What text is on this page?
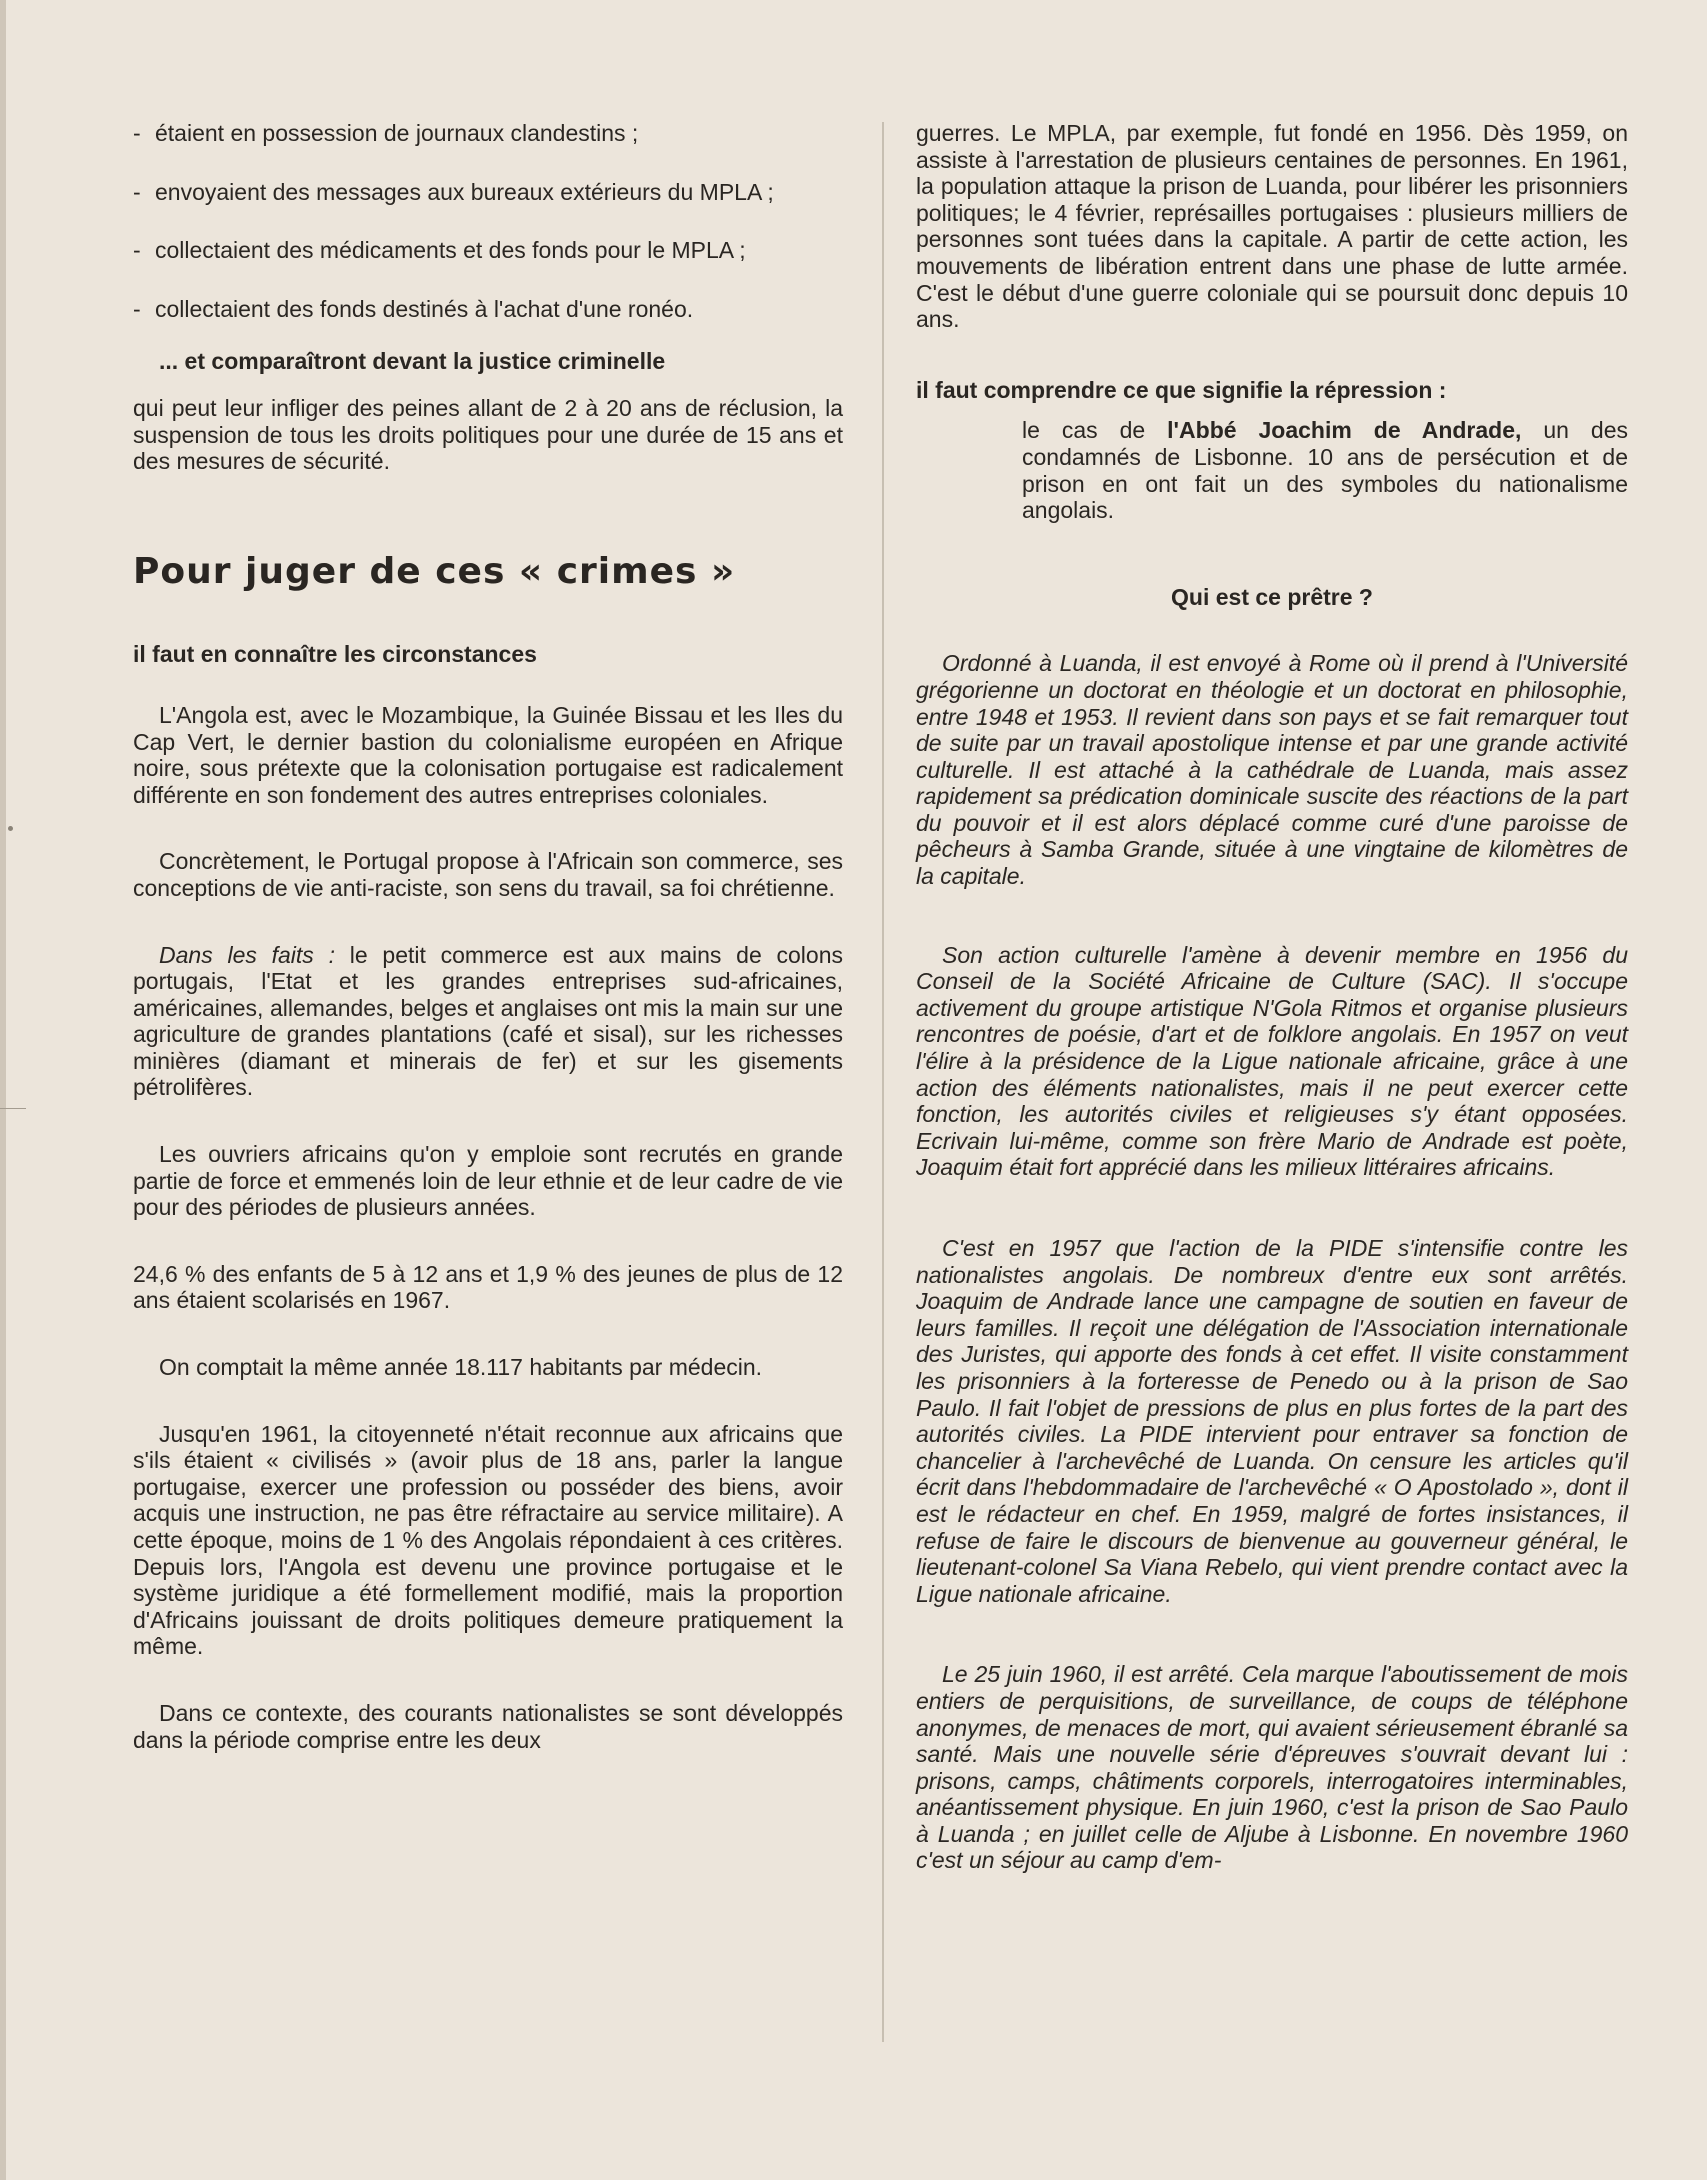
- étaient en possession de journaux clandestins ;
- envoyaient des messages aux bureaux extérieurs du MPLA ;
- collectaient des médicaments et des fonds pour le MPLA ;
- collectaient des fonds destinés à l'achat d'une ronéo.

... et comparaîtront devant la justice criminelle

qui peut leur infliger des peines allant de 2 à 20 ans de réclusion, la suspension de tous les droits politiques pour une durée de 15 ans et des mesures de sécurité.

Pour juger de ces « crimes »

il faut en connaître les circonstances

L'Angola est, avec le Mozambique, la Guinée Bissau et les Iles du Cap Vert, le dernier bastion du colonialisme européen en Afrique noire, sous prétexte que la colonisation portugaise est radicalement différente en son fondement des autres entreprises coloniales.

Concrètement, le Portugal propose à l'Africain son commerce, ses conceptions de vie anti-raciste, son sens du travail, sa foi chrétienne.

Dans les faits : le petit commerce est aux mains de colons portugais, l'Etat et les grandes entreprises sud-africaines, américaines, allemandes, belges et anglaises ont mis la main sur une agriculture de grandes plantations (café et sisal), sur les richesses minières (diamant et minerais de fer) et sur les gisements pétrolifères.

Les ouvriers africains qu'on y emploie sont recrutés en grande partie de force et emmenés loin de leur ethnie et de leur cadre de vie pour des périodes de plusieurs années.

24,6 % des enfants de 5 à 12 ans et 1,9 % des jeunes de plus de 12 ans étaient scolarisés en 1967.

On comptait la même année 18.117 habitants par médecin.

Jusqu'en 1961, la citoyenneté n'était reconnue aux africains que s'ils étaient « civilisés » (avoir plus de 18 ans, parler la langue portugaise, exercer une profession ou posséder des biens, avoir acquis une instruction, ne pas être réfractaire au service militaire). A cette époque, moins de 1 % des Angolais répondaient à ces critères. Depuis lors, l'Angola est devenu une province portugaise et le système juridique a été formellement modifié, mais la proportion d'Africains jouissant de droits politiques demeure pratiquement la même.

Dans ce contexte, des courants nationalistes se sont développés dans la période comprise entre les deux

guerres. Le MPLA, par exemple, fut fondé en 1956. Dès 1959, on assiste à l'arrestation de plusieurs centaines de personnes. En 1961, la population attaque la prison de Luanda, pour libérer les prisonniers politiques; le 4 février, représailles portugaises : plusieurs milliers de personnes sont tuées dans la capitale. A partir de cette action, les mouvements de libération entrent dans une phase de lutte armée. C'est le début d'une guerre coloniale qui se poursuit donc depuis 10 ans.

il faut comprendre ce que signifie la répression :

le cas de l'Abbé Joachim de Andrade, un des condamnés de Lisbonne. 10 ans de persécution et de prison en ont fait un des symboles du nationalisme angolais.

Qui est ce prêtre ?

Ordonné à Luanda, il est envoyé à Rome où il prend à l'Université grégorienne un doctorat en théologie et un doctorat en philosophie, entre 1948 et 1953. Il revient dans son pays et se fait remarquer tout de suite par un travail apostolique intense et par une grande activité culturelle. Il est attaché à la cathédrale de Luanda, mais assez rapidement sa prédication dominicale suscite des réactions de la part du pouvoir et il est alors déplacé comme curé d'une paroisse de pêcheurs à Samba Grande, située à une vingtaine de kilomètres de la capitale.

Son action culturelle l'amène à devenir membre en 1956 du Conseil de la Société Africaine de Culture (SAC). Il s'occupe activement du groupe artistique N'Gola Ritmos et organise plusieurs rencontres de poésie, d'art et de folklore angolais. En 1957 on veut l'élire à la présidence de la Ligue nationale africaine, grâce à une action des éléments nationalistes, mais il ne peut exercer cette fonction, les autorités civiles et religieuses s'y étant opposées. Ecrivain lui-même, comme son frère Mario de Andrade est poète, Joaquim était fort apprécié dans les milieux littéraires africains.

C'est en 1957 que l'action de la PIDE s'intensifie contre les nationalistes angolais. De nombreux d'entre eux sont arrêtés. Joaquim de Andrade lance une campagne de soutien en faveur de leurs familles. Il reçoit une délégation de l'Association internationale des Juristes, qui apporte des fonds à cet effet. Il visite constamment les prisonniers à la forteresse de Penedo ou à la prison de Sao Paulo. Il fait l'objet de pressions de plus en plus fortes de la part des autorités civiles. La PIDE intervient pour entraver sa fonction de chancelier à l'archevêché de Luanda. On censure les articles qu'il écrit dans l'hebdommadaire de l'archevêché « O Apostolado », dont il est le rédacteur en chef. En 1959, malgré de fortes insistances, il refuse de faire le discours de bienvenue au gouverneur général, le lieutenant-colonel Sa Viana Rebelo, qui vient prendre contact avec la Ligue nationale africaine.

Le 25 juin 1960, il est arrêté. Cela marque l'aboutissement de mois entiers de perquisitions, de surveillance, de coups de téléphone anonymes, de menaces de mort, qui avaient sérieusement ébranlé sa santé. Mais une nouvelle série d'épreuves s'ouvrait devant lui : prisons, camps, châtiments corporels, interrogatoires interminables, anéantissement physique. En juin 1960, c'est la prison de Sao Paulo à Luanda ; en juillet celle de Aljube à Lisbonne. En novembre 1960 c'est un séjour au camp d'em-
